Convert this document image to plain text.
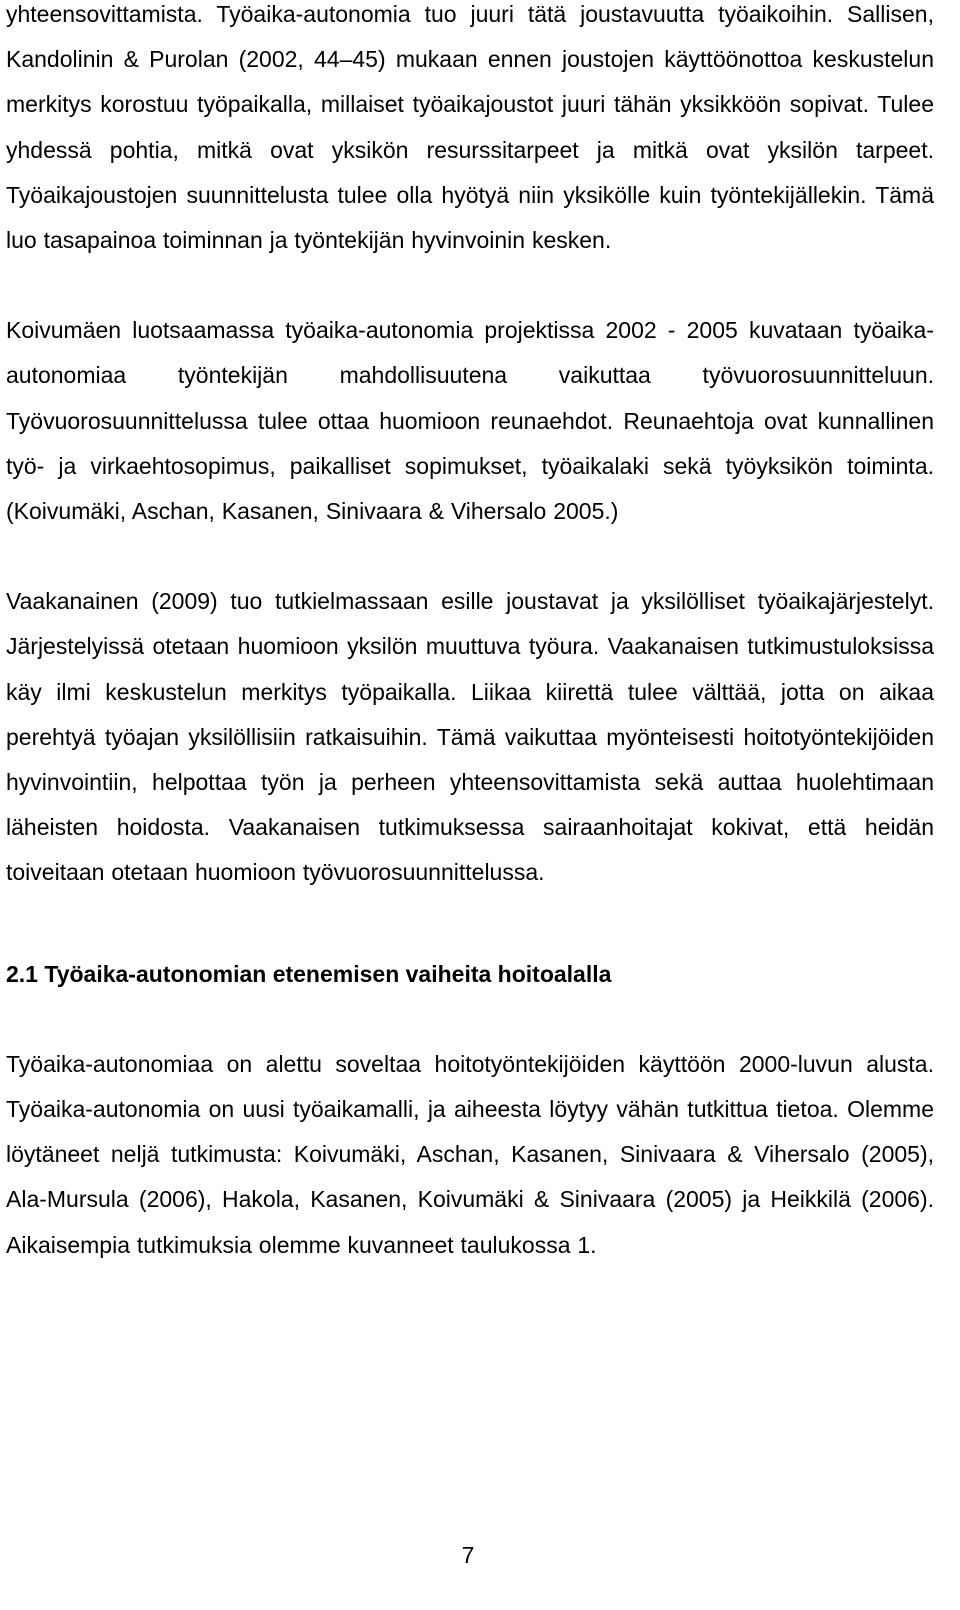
yhteensovittamista. Työaika-autonomia tuo juuri tätä joustavuutta työaikoihin. Sallisen, Kandolinin & Purolan (2002, 44–45) mukaan ennen joustojen käyttöönottoa keskustelun merkitys korostuu työpaikalla, millaiset työaikajoustot juuri tähän yksikköön sopivat. Tulee yhdessä pohtia, mitkä ovat yksikön resurssitarpeet ja mitkä ovat yksilön tarpeet. Työaikajoustojen suunnittelusta tulee olla hyötyä niin yksikölle kuin työntekijällekin. Tämä luo tasapainoa toiminnan ja työntekijän hyvinvoinin kesken.

Koivumäen luotsaamassa työaika-autonomia projektissa 2002 - 2005 kuvataan työaika-autonomiaa työntekijän mahdollisuutena vaikuttaa työvuorosuunnitteluun. Työvuorosuunnittelussa tulee ottaa huomioon reunaehdot. Reunaehtoja ovat kunnallinen työ- ja virkaehtosopimus, paikalliset sopimukset, työaikalaki sekä työyksikön toiminta. (Koivumäki, Aschan, Kasanen, Sinivaara & Vihersalo 2005.)

Vaakanainen (2009) tuo tutkielmassaan esille joustavat ja yksilölliset työaikajärjestelyt. Järjestelyissä otetaan huomioon yksilön muuttuva työura. Vaakanaisen tutkimustuloksissa käy ilmi keskustelun merkitys työpaikalla. Liikaa kiirettä tulee välttää, jotta on aikaa perehtyä työajan yksilöllisiin ratkaisuihin. Tämä vaikuttaa myönteisesti hoitotyöntekijöiden hyvinvointiin, helpottaa työn ja perheen yhteensovittamista sekä auttaa huolehtimaan läheisten hoidosta. Vaakanaisen tutkimuksessa sairaanhoitajat kokivat, että heidän toiveitaan otetaan huomioon työvuorosuunnittelussa.

2.1 Työaika-autonomian etenemisen vaiheita hoitoalalla

Työaika-autonomiaa on alettu soveltaa hoitotyöntekijöiden käyttöön 2000-luvun alusta. Työaika-autonomia on uusi työaikamalli, ja aiheesta löytyy vähän tutkittua tietoa. Olemme löytäneet neljä tutkimusta: Koivumäki, Aschan, Kasanen, Sinivaara & Vihersalo (2005), Ala-Mursula (2006), Hakola, Kasanen, Koivumäki & Sinivaara (2005) ja Heikkilä (2006). Aikaisempia tutkimuksia olemme kuvanneet taulukossa 1.

7
